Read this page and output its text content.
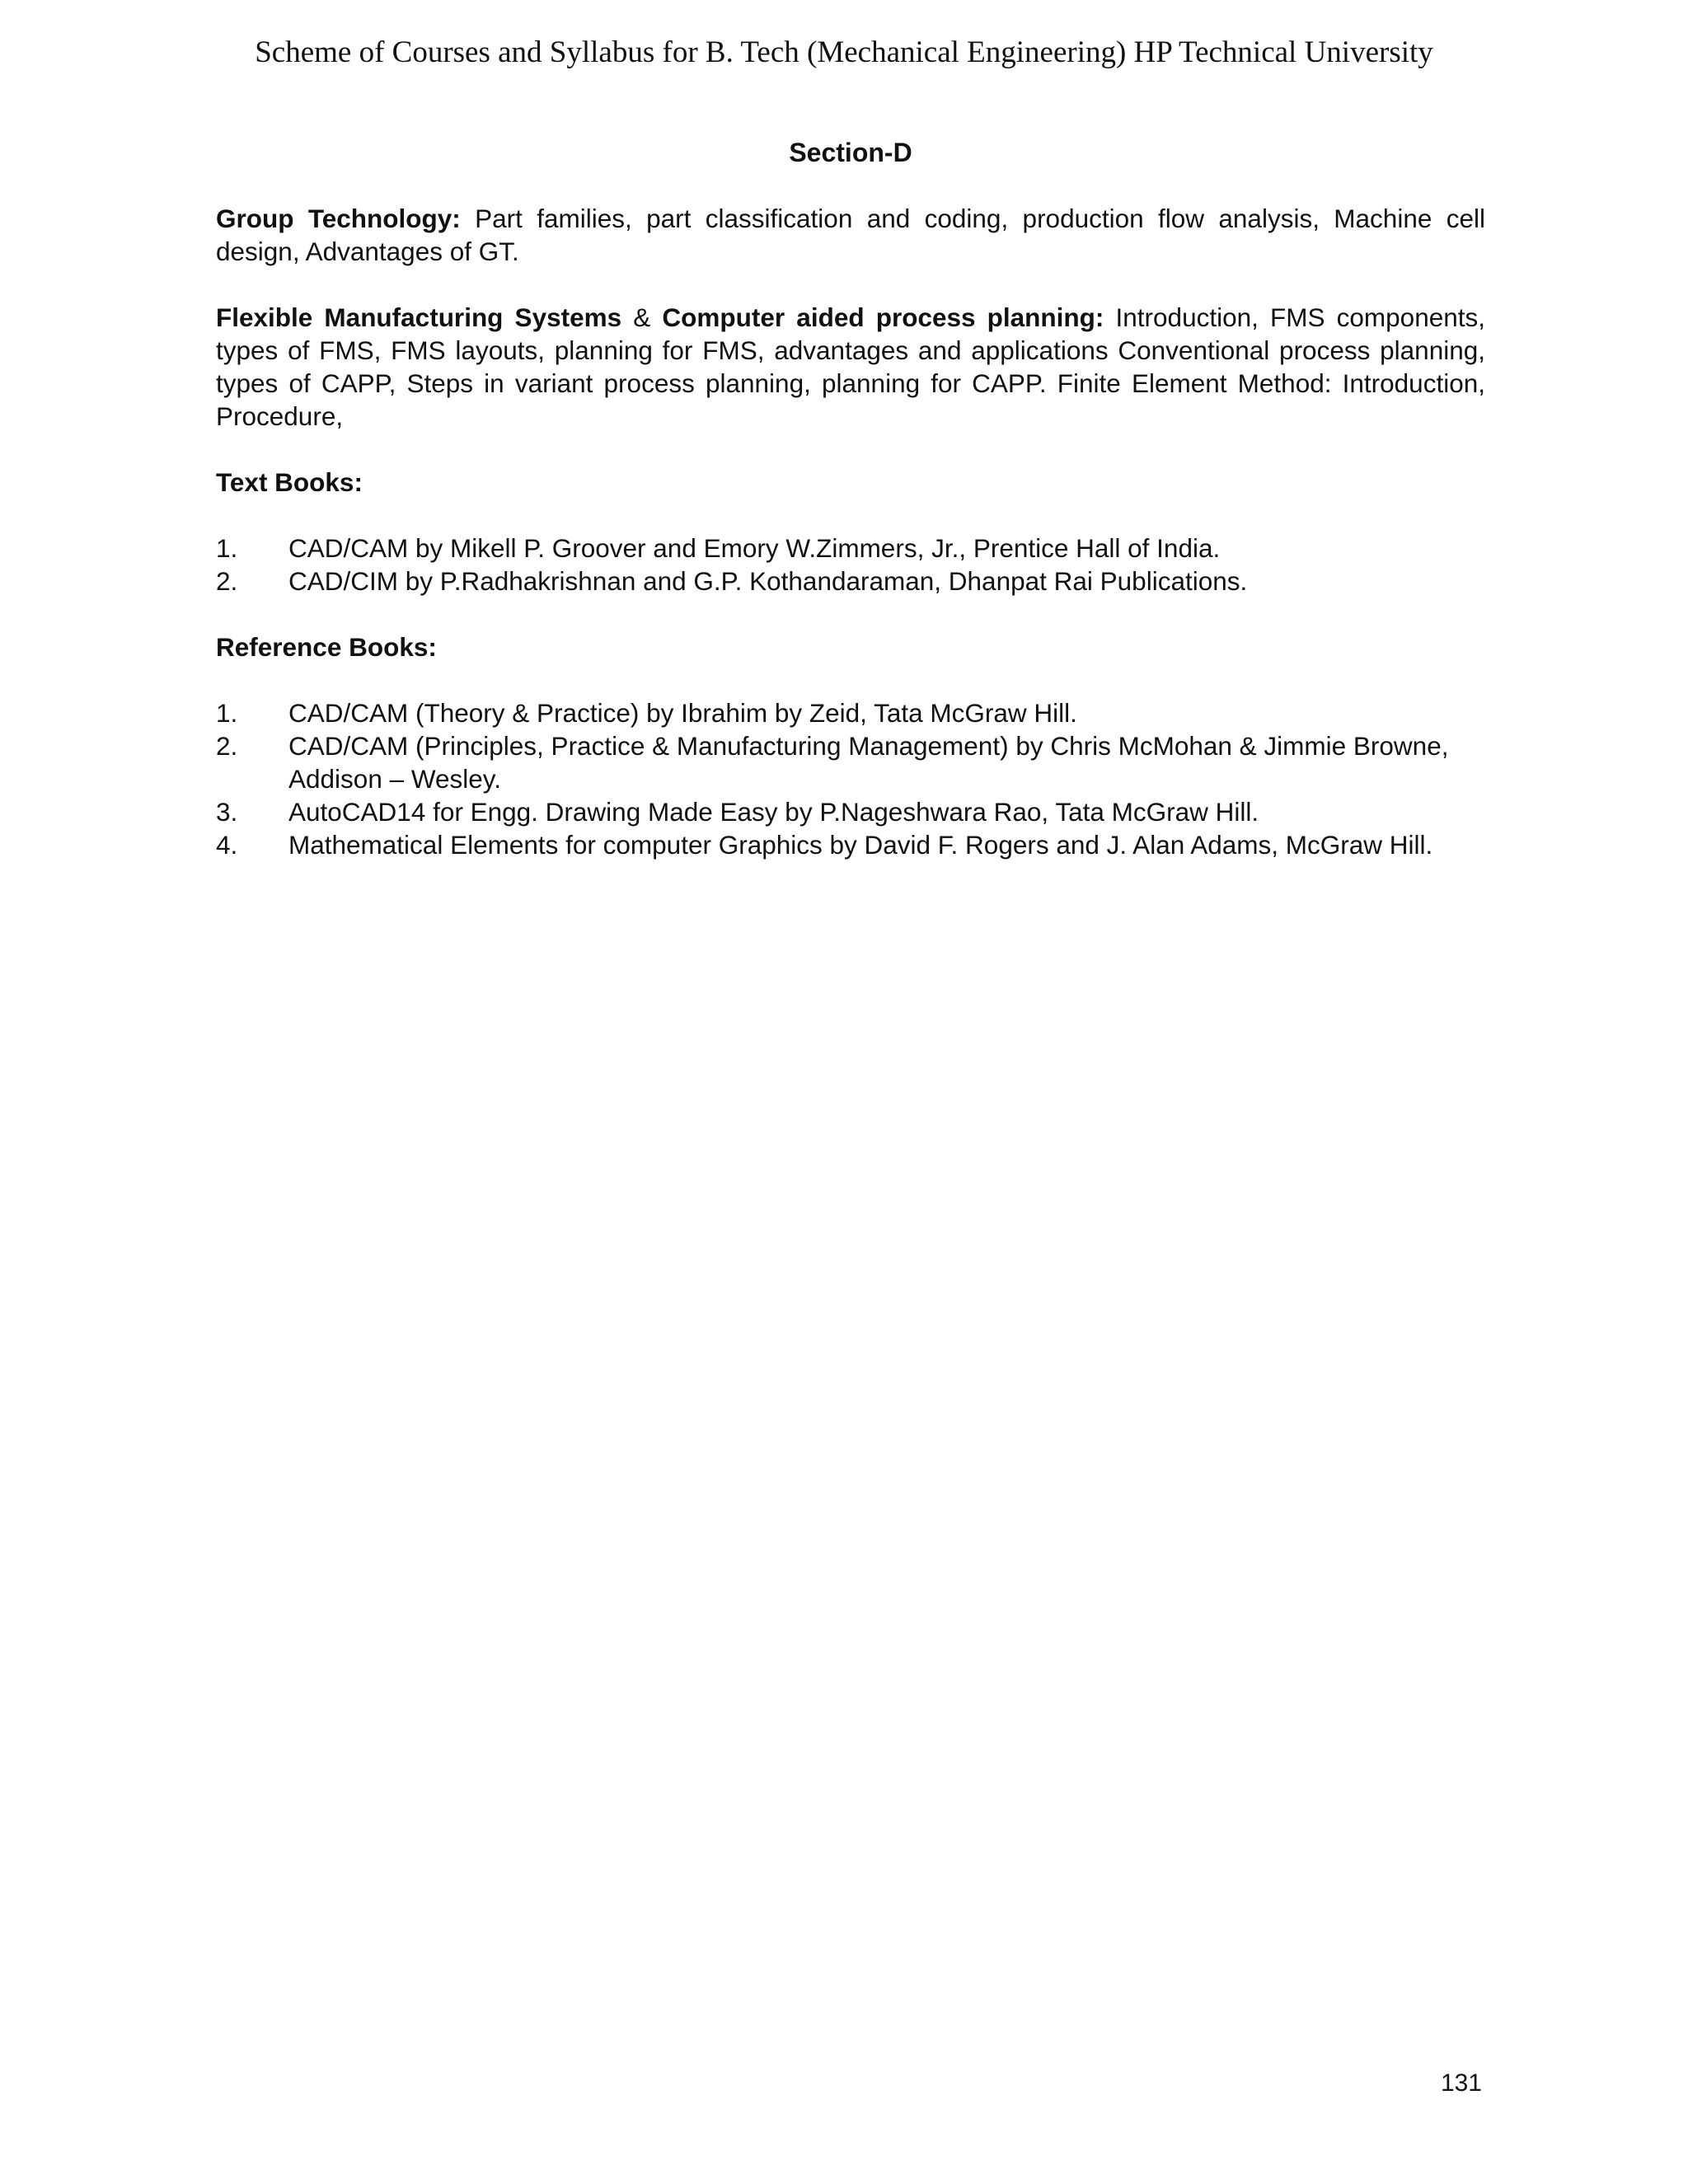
Scheme of Courses and Syllabus for B. Tech (Mechanical Engineering) HP Technical University
Section-D

Group Technology: Part families, part classification and coding, production flow analysis, Machine cell design, Advantages of GT.

Flexible Manufacturing Systems & Computer aided process planning: Introduction, FMS components, types of FMS, FMS layouts, planning for FMS, advantages and applications Conventional process planning, types of CAPP, Steps in variant process planning, planning for CAPP. Finite Element Method: Introduction, Procedure,

Text Books:
1.	CAD/CAM by Mikell P. Groover and Emory W.Zimmers, Jr., Prentice Hall of India.
2.	CAD/CIM by P.Radhakrishnan and G.P. Kothandaraman, Dhanpat Rai Publications.
Reference Books:
1.	CAD/CAM (Theory & Practice) by Ibrahim by Zeid, Tata McGraw Hill.
2.	CAD/CAM (Principles, Practice & Manufacturing Management) by Chris McMohan & Jimmie Browne, Addison – Wesley.
3.	AutoCAD14 for Engg. Drawing Made Easy by P.Nageshwara Rao, Tata McGraw Hill.
4.	Mathematical Elements for computer Graphics by David F. Rogers and J. Alan Adams, McGraw Hill.
131
